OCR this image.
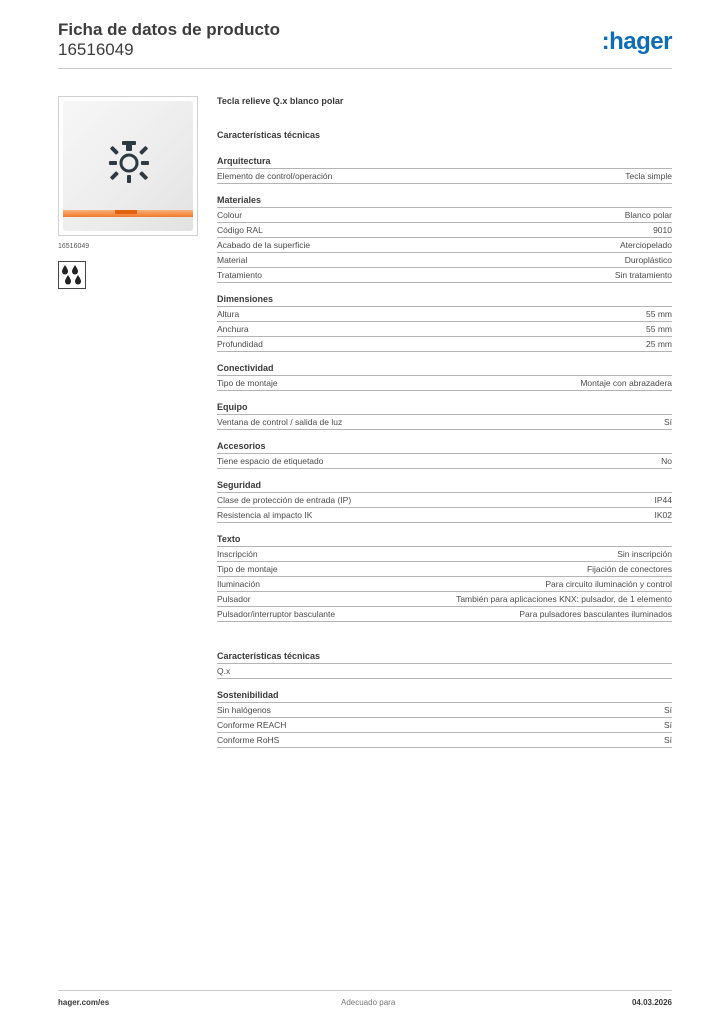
Ficha de datos de producto
16516049	:hager
16516049
Tecla relieve Q.x blanco polar
Características técnicas
Arquitectura
Elemento de control/operación	Tecla simple
Materiales
Colour	Blanco polar
Código RAL	9010
Acabado de la superficie	Aterciopelado
Material	Duroplástico
Tratamiento	Sin tratamiento
Dimensiones
Altura	55 mm
Anchura	55 mm
Profundidad	25 mm
Conectividad
Tipo de montaje	Montaje con abrazadera
Equipo
Ventana de control / salida de luz	Sí
Accesorios
Tiene espacio de etiquetado	No
Seguridad
Clase de protección de entrada (IP)	IP44
Resistencia al impacto IK	IK02
Texto
Inscripción	Sin inscripción
Tipo de montaje	Fijación de conectores
Iluminación	Para circuito iluminación y control
Pulsador	También para aplicaciones KNX: pulsador, de 1 elemento
Pulsador/interruptor basculante	Para pulsadores basculantes iluminados
Características técnicas
Q.x
Sostenibilidad
Sin halógenos	Sí
Conforme REACH	Sí
Conforme RoHS	Sí
hager.com/es	Adecuado para	04.03.2026
